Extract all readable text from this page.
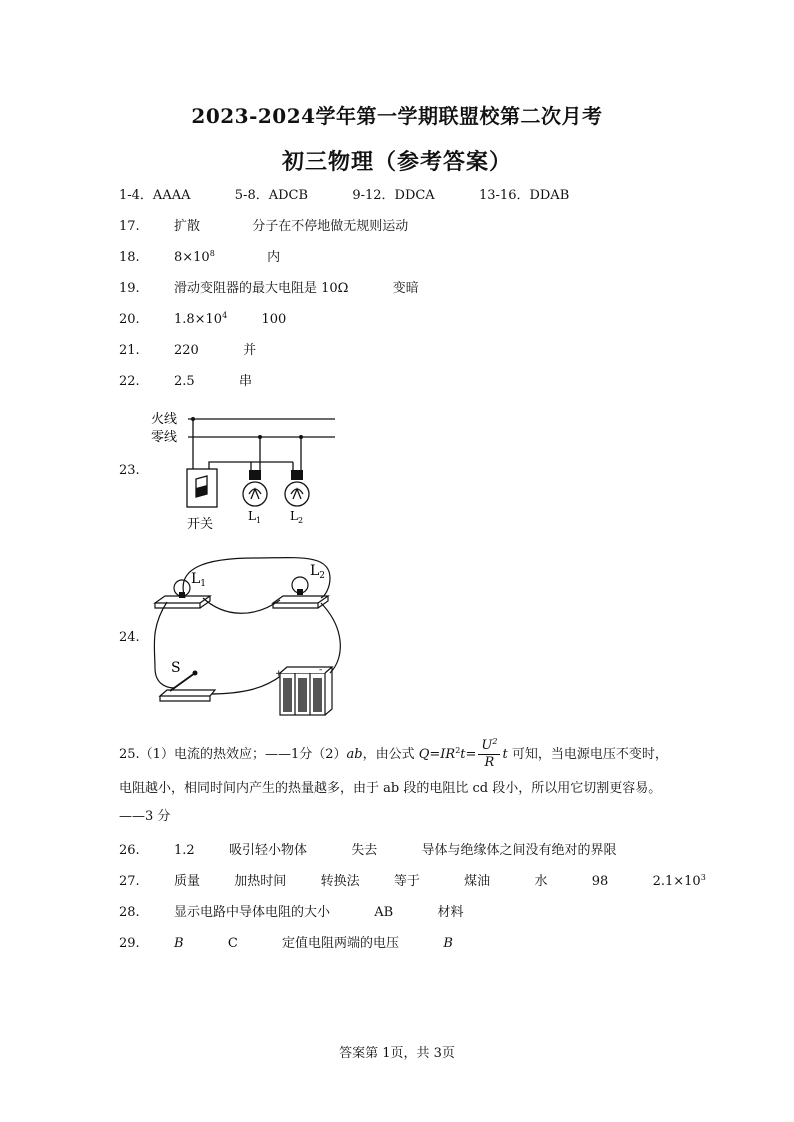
2023-2024学年第一学期联盟校第二次月考
初三物理（参考答案）
1-4．AAAA	5-8．ADCB	9-12．DDCA	13-16．DDAB
17.	扩散	分子在不停地做无规则运动
18.	$8\times 10^8$	内
19.	滑动变阻器的最大电阻是 10Ω	变暗
20.	$1.8\times 10^4$	100
21.	220	并
22.	2.5	串
23.
火线
零线
开关
$L_1$ $L_2$
24.
$L_1$
$L_2$
S	+	-
25.（1）电流的热效应；——1分（2）ab，由公式 $Q=IR^2t= \frac{U^2}{R}$ t 可知，当电源电压不变时，
电阻越小，相同时间内产生的热量越多，由于 ab 段的电阻比 cd 段小，所以用它切割更容易。
——3 分
26.	1.2	吸引轻小物体	失去	导体与绝缘体之间没有绝对的界限
27.	质量	加热时间	转换法	等于	煤油	水	98	$2.1\times 10^3$
28.	显示电路中导体电阻的大小	AB	材料
29.	B	C	定值电阻两端的电压	B
答案第 1页，共 3页
